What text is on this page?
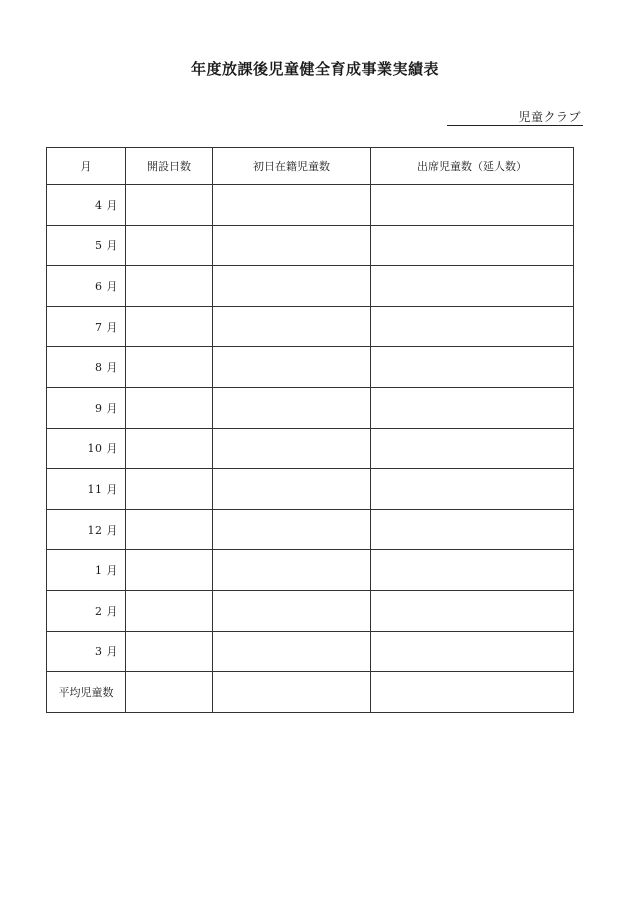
年度放課後児童健全育成事業実績表
児童クラブ
月	開設日数	初日在籍児童数	出席児童数（延人数）
4 月			
5 月			
6 月			
7 月			
8 月			
9 月			
10 月			
11 月			
12 月			
1 月			
2 月			
3 月			
平均児童数			
